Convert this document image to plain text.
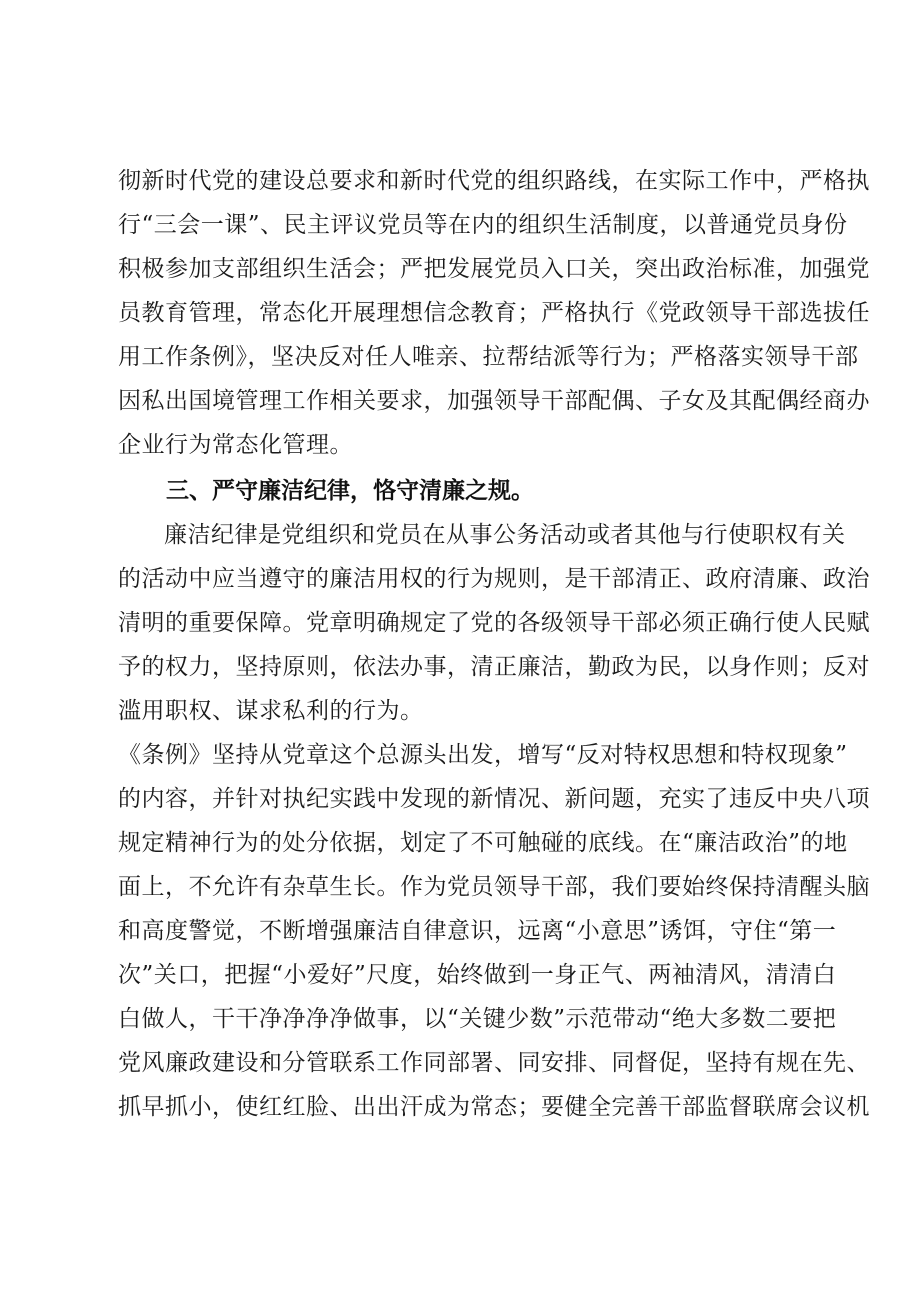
彻新时代党的建设总要求和新时代党的组织路线，在实际工作中，严格执
行“三会一课”、民主评议党员等在内的组织生活制度，以普通党员身份
积极参加支部组织生活会；严把发展党员入口关，突出政治标准，加强党
员教育管理，常态化开展理想信念教育；严格执行《党政领导干部选拔任
用工作条例》，坚决反对任人唯亲、拉帮结派等行为；严格落实领导干部
因私出国境管理工作相关要求，加强领导干部配偶、子女及其配偶经商办
企业行为常态化管理。
三、严守廉洁纪律，恪守清廉之规。
廉洁纪律是党组织和党员在从事公务活动或者其他与行使职权有关
的活动中应当遵守的廉洁用权的行为规则，是干部清正、政府清廉、政治
清明的重要保障。党章明确规定了党的各级领导干部必须正确行使人民赋
予的权力，坚持原则，依法办事，清正廉洁，勤政为民，以身作则；反对
滥用职权、谋求私利的行为。
《条例》坚持从党章这个总源头出发，增写“反对特权思想和特权现象”
的内容，并针对执纪实践中发现的新情况、新问题，充实了违反中央八项
规定精神行为的处分依据，划定了不可触碰的底线。在“廉洁政治”的地
面上，不允许有杂草生长。作为党员领导干部，我们要始终保持清醒头脑
和高度警觉，不断增强廉洁自律意识，远离“小意思”诱饵，守住“第一
次”关口，把握“小爱好”尺度，始终做到一身正气、两袖清风，清清白
白做人，干干净净净净做事，以“关键少数”示范带动“绝大多数二要把
党风廉政建设和分管联系工作同部署、同安排、同督促，坚持有规在先、
抓早抓小，使红红脸、出出汗成为常态；要健全完善干部监督联席会议机
